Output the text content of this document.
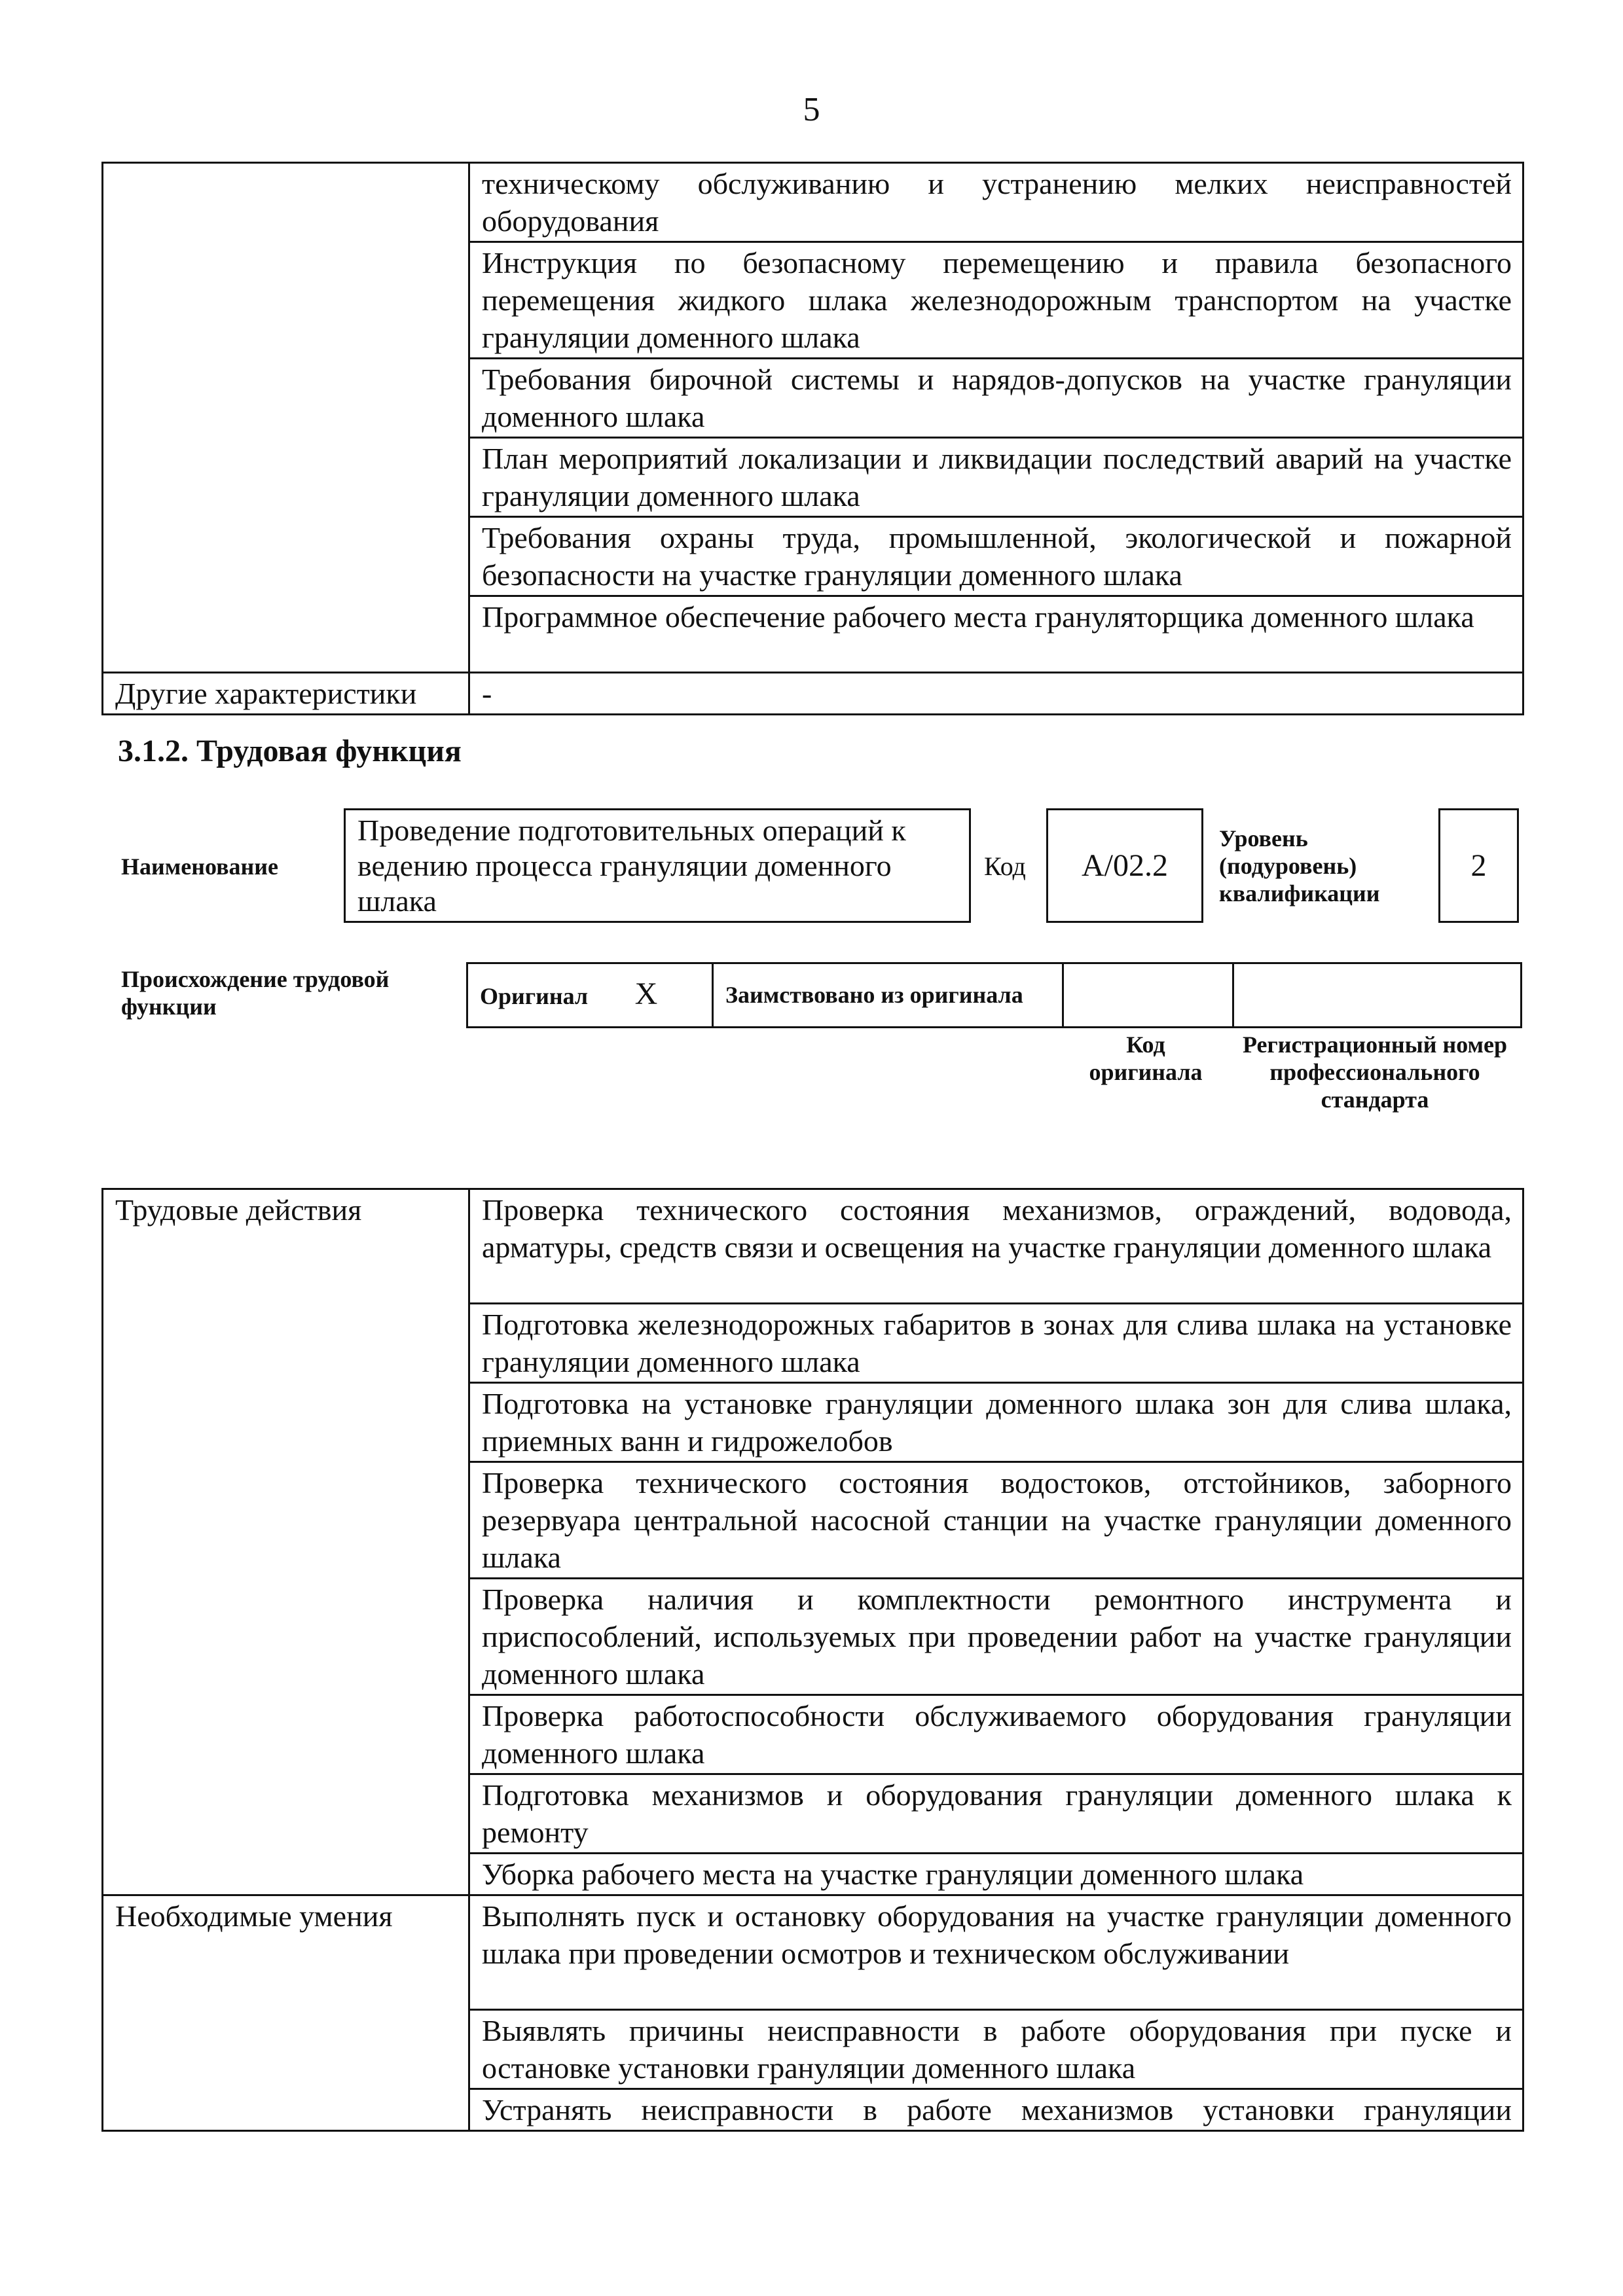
5
	техническому обслуживанию и устранению мелких неисправностей оборудования
	Инструкция по безопасному перемещению и правила безопасного перемещения жидкого шлака железнодорожным транспортом на участке грануляции доменного шлака
	Требования бирочной системы и нарядов-допусков на участке грануляции доменного шлака
	План мероприятий локализации и ликвидации последствий аварий на участке грануляции доменного шлака
	Требования охраны труда, промышленной, экологической и пожарной безопасности на участке грануляции доменного шлака
	Программное обеспечение рабочего места грануляторщика доменного шлака
Другие характеристики	-
3.1.2. Трудовая функция
Наименование
Проведение подготовительных операций к ведению процесса грануляции доменного шлака
Код А/02.2
Уровень (подуровень) квалификации
2
Происхождение трудовой функции	Оригинал X	Заимствовано из оригинала

Код оригинала
Регистрационный номер профессионального стандарта
Трудовые действия	Проверка технического состояния механизмов, ограждений, водовода, арматуры, средств связи и освещения на участке грануляции доменного шлака
	Подготовка железнодорожных габаритов в зонах для слива шлака на установке грануляции доменного шлака
	Подготовка на установке грануляции доменного шлака зон для слива шлака, приемных ванн и гидрожелобов
	Проверка технического состояния водостоков, отстойников, заборного резервуара центральной насосной станции на участке грануляции доменного шлака
	Проверка наличия и комплектности ремонтного инструмента и приспособлений, используемых при проведении работ на участке грануляции доменного шлака
	Проверка работоспособности обслуживаемого оборудования грануляции доменного шлака
	Подготовка механизмов и оборудования грануляции доменного шлака к ремонту
	Уборка рабочего места на участке грануляции доменного шлака
Необходимые умения	Выполнять пуск и остановку оборудования на участке грануляции доменного шлака при проведении осмотров и техническом обслуживании
	Выявлять причины неисправности в работе оборудования при пуске и остановке установки грануляции доменного шлака
	Устранять неисправности в работе механизмов установки грануляции
